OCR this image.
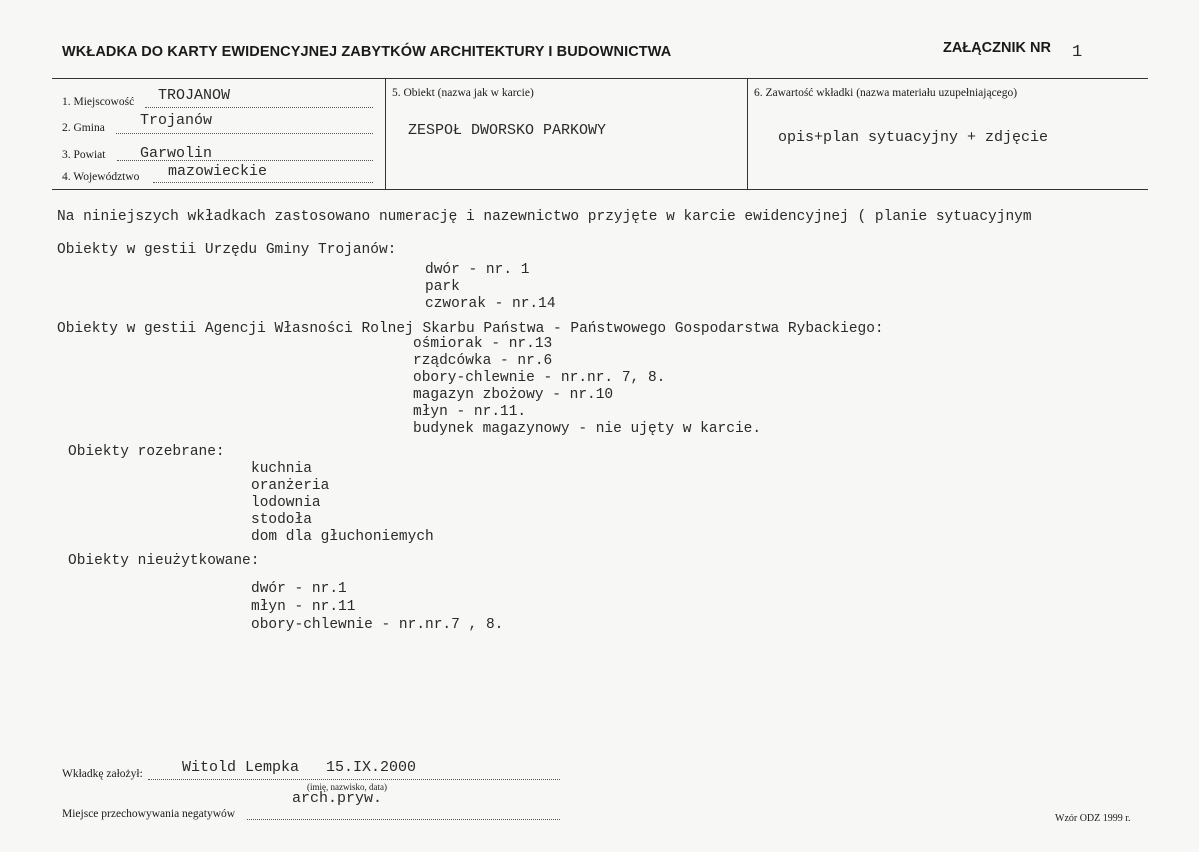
WKŁADKA DO KARTY EWIDENCYJNEJ ZABYTKÓW ARCHITEKTURY I BUDOWNICTWA	ZAŁĄCZNIK NR 1
1. Miejscowość TROJANOW
2. Gmina Trojanów
3. Powiat Garwolin
4. Województwo mazowieckie
5. Obiekt (nazwa jak w karcie)
ZESPOŁ DWORSKO PARKOWY
6. Zawartość wkładki (nazwa materiału uzupełniającego)
opis+plan sytuacyjny + zdjęcie
Na niniejszych wkładkach zastosowano numerację i nazewnictwo przyjęte w karcie ewidencyjnej ( planie sytuacyjnym
Obiekty w gestii Urzędu Gminy Trojanów:
dwór - nr. 1
park
czworak - nr.14
Obiekty w gestii Agencji Własności Rolnej Skarbu Państwa - Państwowego Gospodarstwa Rybackiego:
ośmiorak - nr.13
rządcówka - nr.6
obory-chlewnie - nr.nr. 7, 8.
magazyn zbożowy - nr.10
młyn - nr.11.
budynek magazynowy - nie ujęty w karcie.
Obiekty rozebrane:
kuchnia
oranżeria
lodownia
stodoła
dom dla głuchoniemych
Obiekty nieużytkowane:
dwór - nr.1
młyn - nr.11
obory-chlewnie - nr.nr.7 , 8.
Wkładkę założył:	Witold Lempka   15.IX.2000
(imię, nazwisko, data)
Miejsce przechowywania negatywów
arch.pryw.
Wzór ODZ 1999 r.
